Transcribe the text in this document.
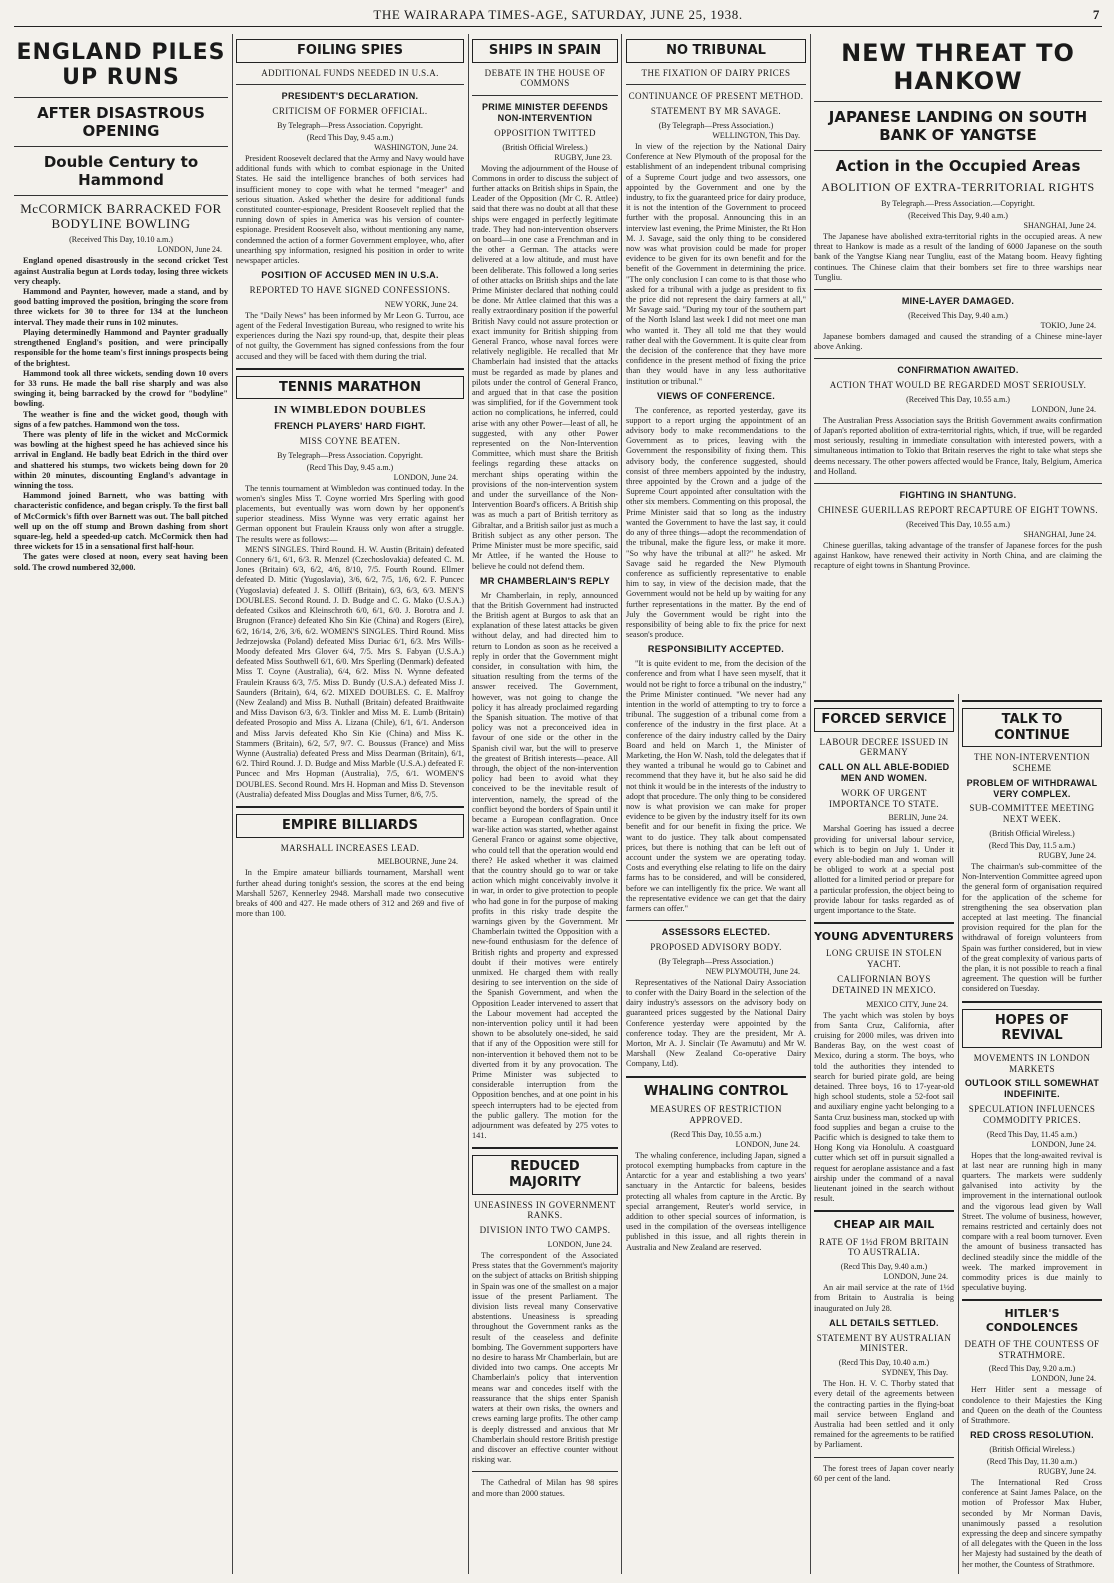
THE WAIRARAPA TIMES-AGE, SATURDAY, JUNE 25, 1938.	7
ENGLAND PILES UP RUNS
AFTER DISASTROUS OPENING
Double Century to Hammond
McCORMICK BARRACKED FOR BODYLINE BOWLING
(Received This Day, 10.10 a.m.)
LONDON, June 24.

England opened disastrously in the second cricket Test against Australia begun at Lords today, losing three wickets very cheaply.

Hammond and Paynter, however, made a stand, and by good batting improved the position, bringing the score from three wickets for 30 to three for 134 at the luncheon interval. They made their runs in 102 minutes.

Playing determinedly Hammond and Paynter gradually strengthened England's position, and were principally responsible for the home team's first innings prospects being of the brightest.

Hammond took all three wickets, sending down 10 overs for 33 runs. He made the ball rise sharply and was also swinging it, being barracked by the crowd for "bodyline" bowling.

The weather is fine and the wicket good, though with signs of a few patches. Hammond won the toss.

There was plenty of life in the wicket and McCormick was bowling at the highest speed he has achieved since his arrival in England. He badly beat Edrich in the third over and shattered his stumps, two wickets being down for 20 within 20 minutes, discounting England's advantage in winning the toss.

Hammond joined Barnett, who was batting with characteristic confidence, and began crisply. To the first ball of McCormick's fifth over Barnett was out. The ball pitched well up on the off stump and Brown dashing from short square-leg, held a speeded-up catch. McCormick then had three wickets for 15 in a sensational first half-hour.

The gates were closed at noon, every seat having been sold. The crowd numbered 32,000.

SHIPS IN SPAIN
DEBATE IN THE HOUSE OF COMMONS
PRIME MINISTER DEFENDS NON-INTERVENTION
OPPOSITION TWITTED
(British Official Wireless.)
RUGBY, June 23.

Moving the adjournment of the House of Commons in order to discuss the subject of further attacks on British ships in Spain, the Leader of the Opposition (Mr C. R. Attlee) said that there was no doubt at all that these ships were engaged in perfectly legitimate trade. They had non-intervention observers on board—in one case a Frenchman and in the other a German. The attacks were delivered at a low altitude, and must have been deliberate. This followed a long series of other attacks on British ships and the late Prime Minister declared that nothing could be done. Mr Attlee claimed that this was a really extraordinary position if the powerful British Navy could not assure protection or exact immunity for British shipping from General Franco, whose naval forces were relatively negligible. He recalled that Mr Chamberlain had insisted that the attacks must be regarded as made by planes and pilots under the control of General Franco, and argued that in that case the position was simplified, for if the Government took action no complications, he inferred, could arise with any other Power—least of all, he suggested, with any other Power represented on the Non-Intervention Committee, which must share the British feelings regarding these attacks on merchant ships operating within the provisions of the non-intervention system and under the surveillance of the Non-Intervention Board's officers. A British ship was as much a part of British territory as Gibraltar, and a British sailor just as much a British subject as any other person. The Prime Minister must be more specific, said Mr Attlee, if he wanted the House to believe he could not defend them.

MR CHAMBERLAIN'S REPLY

Mr Chamberlain, in reply, announced that the British Government had instructed the British agent at Burgos to ask that an explanation of these latest attacks be given without delay, and had directed him to return to London as soon as he received a reply in order that the Government might consider, in consultation with him, the situation resulting from the terms of the answer received. The Government, however, was not going to change the policy it has already proclaimed regarding the Spanish situation. The motive of that policy was not a preconceived idea in favour of one side or the other in the Spanish civil war, but the will to preserve the greatest of British interests—peace. All through, the object of the non-intervention policy had been to avoid what they conceived to be the inevitable result of intervention, namely, the spread of the conflict beyond the borders of Spain until it became a European conflagration. Once war-like action was started, whether against General Franco or against some objective, who could tell that the operation would end there? He asked whether it was claimed that the country should go to war or take action which might conceivably involve it in war, in order to give protection to people who had gone in for the purpose of making profits in this risky trade despite the warnings given by the Government. Mr Chamberlain twitted the Opposition with a new-found enthusiasm for the defence of British rights and property and expressed doubt if their motives were entirely unmixed. He charged them with really desiring to see intervention on the side of the Spanish Government, and when the Opposition Leader intervened to assert that the Labour movement had accepted the non-intervention policy until it had been shown to be absolutely one-sided, he said that if any of the Opposition were still for non-intervention it behoved them not to be diverted from it by any provocation. The Prime Minister was subjected to considerable interruption from the Opposition benches, and at one point in his speech interrupters had to be ejected from the public gallery. The motion for the adjournment was defeated by 275 votes to 141.

REDUCED MAJORITY
UNEASINESS IN GOVERNMENT RANKS.
DIVISION INTO TWO CAMPS.
LONDON, June 24.

The correspondent of the Associated Press states that the Government's majority on the subject of attacks on British shipping in Spain was one of the smallest on a major issue of the present Parliament. The division lists reveal many Conservative abstentions. Uneasiness is spreading throughout the Government ranks as the result of the ceaseless and definite bombing. The Government supporters have no desire to harass Mr Chamberlain, but are divided into two camps. One accepts Mr Chamberlain's policy that intervention means war and concedes itself with the reassurance that the ships enter Spanish waters at their own risks, the owners and crews earning large profits. The other camp is deeply distressed and anxious that Mr Chamberlain should restore British prestige and discover an effective counter without risking war.

The Cathedral of Milan has 98 spires and more than 2000 statues.

NO TRIBUNAL
THE FIXATION OF DAIRY PRICES
CONTINUANCE OF PRESENT METHOD.
STATEMENT BY MR SAVAGE.
(By Telegraph—Press Association.)
WELLINGTON, This Day.

In view of the rejection by the National Dairy Conference at New Plymouth of the proposal for the establishment of an independent tribunal comprising of a Supreme Court judge and two assessors, one appointed by the Government and one by the industry, to fix the guaranteed price for dairy produce, it is not the intention of the Government to proceed further with the proposal. Announcing this in an interview last evening, the Prime Minister, the Rt Hon M. J. Savage, said the only thing to be considered now was what provision could be made for proper evidence to be given for its own benefit and for the benefit of the Government in determining the price. "The only conclusion I can come to is that those who asked for a tribunal with a judge as president to fix the price did not represent the dairy farmers at all," Mr Savage said. "During my tour of the southern part of the North Island last week I did not meet one man who wanted it. They all told me that they would rather deal with the Government. It is quite clear from the decision of the conference that they have more confidence in the present method of fixing the price than they would have in any less authoritative institution or tribunal."

VIEWS OF CONFERENCE.

The conference, as reported yesterday, gave its support to a report urging the appointment of an advisory body to make recommendations to the Government as to prices, leaving with the Government the responsibility of fixing them. This advisory body, the conference suggested, should consist of three members appointed by the industry, three appointed by the Crown and a judge of the Supreme Court appointed after consultation with the other six members. Commenting on this proposal, the Prime Minister said that so long as the industry wanted the Government to have the last say, it could do any of three things—adopt the recommendation of the tribunal, make the figure less, or make it more. "So why have the tribunal at all?" he asked. Mr Savage said he regarded the New Plymouth conference as sufficiently representative to enable him to say, in view of the decision made, that the Government would not be held up by waiting for any further representations in the matter. By the end of July the Government would be right into the responsibility of being able to fix the price for next season's produce.

RESPONSIBILITY ACCEPTED.

"It is quite evident to me, from the decision of the conference and from what I have seen myself, that it would not be right to force a tribunal on the industry," the Prime Minister continued. "We never had any intention in the world of attempting to try to force a tribunal. The suggestion of a tribunal come from a conference of the industry in the first place. At a conference of the dairy industry called by the Dairy Board and held on March 1, the Minister of Marketing, the Hon W. Nash, told the delegates that if they wanted a tribunal he would go to Cabinet and recommend that they have it, but he also said he did not think it would be in the interests of the industry to adopt that procedure. The only thing to be considered now is what provision we can make for proper evidence to be given by the industry itself for its own benefit and for our benefit in fixing the price. We want to do justice. They talk about compensated prices, but there is nothing that can be left out of account under the system we are operating today. Costs and everything else relating to life on the dairy farms has to be considered, and will be considered, before we can intelligently fix the price. We want all the representative evidence we can get that the dairy farmers can offer."

ASSESSORS ELECTED.
PROPOSED ADVISORY BODY.
(By Telegraph—Press Association.)
NEW PLYMOUTH, June 24.

Representatives of the National Dairy Association to confer with the Dairy Board in the selection of the dairy industry's assessors on the advisory body on guaranteed prices suggested by the National Dairy Conference yesterday were appointed by the conference today. They are the president, Mr A. Morton, Mr A. J. Sinclair (Te Awamutu) and Mr W. Marshall (New Zealand Co-operative Dairy Company, Ltd).

WHALING CONTROL
MEASURES OF RESTRICTION APPROVED.
(Recd This Day, 10.55 a.m.)
LONDON, June 24.

The whaling conference, including Japan, signed a protocol exempting humpbacks from capture in the Antarctic for a year and establishing a two years' sanctuary in the Antarctic for baleens, besides protecting all whales from capture in the Arctic. By special arrangement, Reuter's world service, in addition to other special sources of information, is used in the compilation of the overseas intelligence published in this issue, and all rights therein in Australia and New Zealand are reserved.

NEW THREAT TO HANKOW
JAPANESE LANDING ON SOUTH BANK OF YANGTSE
Action in the Occupied Areas
ABOLITION OF EXTRA-TERRITORIAL RIGHTS
By Telegraph.—Press Association.—Copyright.
(Received This Day, 9.40 a.m.)
SHANGHAI, June 24.

The Japanese have abolished extra-territorial rights in the occupied areas. A new threat to Hankow is made as a result of the landing of 6000 Japanese on the south bank of the Yangtse Kiang near Tungliu, east of the Matang boom. Heavy fighting continues. The Chinese claim that their bombers set fire to three warships near Tungliu.

MINE-LAYER DAMAGED.
(Received This Day, 9.40 a.m.)
TOKIO, June 24.

Japanese bombers damaged and caused the stranding of a Chinese mine-layer above Anking.

CONFIRMATION AWAITED.
ACTION THAT WOULD BE REGARDED MOST SERIOUSLY.
(Received This Day, 10.55 a.m.)
LONDON, June 24.

The Australian Press Association says the British Government awaits confirmation of Japan's reported abolition of extra-territorial rights, which, if true, will be regarded most seriously, resulting in immediate consultation with interested powers, with a simultaneous intimation to Tokio that Britain reserves the right to take what steps she deems necessary. The other powers affected would be France, Italy, Belgium, America and Holland.

FIGHTING IN SHANTUNG.
CHINESE GUERILLAS REPORT RECAPTURE OF EIGHT TOWNS.
(Received This Day, 10.55 a.m.)
SHANGHAI, June 24.

Chinese guerillas, taking advantage of the transfer of Japanese forces for the push against Hankow, have renewed their activity in North China, and are claiming the recapture of eight towns in Shantung Province.

FORCED SERVICE
LABOUR DECREE ISSUED IN GERMANY
CALL ON ALL ABLE-BODIED MEN AND WOMEN.
WORK OF URGENT IMPORTANCE TO STATE.
BERLIN, June 24.

Marshal Goering has issued a decree providing for universal labour service, which is to begin on July 1. Under it every able-bodied man and woman will be obliged to work at a special post allotted for a limited period or prepare for a particular profession, the object being to provide labour for tasks regarded as of urgent importance to the State.

YOUNG ADVENTURERS
LONG CRUISE IN STOLEN YACHT.
CALIFORNIAN BOYS DETAINED IN MEXICO.
MEXICO CITY, June 24.

The yacht which was stolen by boys from Santa Cruz, California, after cruising for 2000 miles, was driven into Banderas Bay, on the west coast of Mexico, during a storm. The boys, who told the authorities they intended to search for buried pirate gold, are being detained. Three boys, 16 to 17-year-old high school students, stole a 52-foot sail and auxiliary engine yacht belonging to a Santa Cruz business man, stocked up with food supplies and began a cruise to the Pacific which is designed to take them to Hong Kong via Honolulu. A coastguard cutter which set off in pursuit signalled a request for aeroplane assistance and a fast airship under the command of a naval lieutenant joined in the search without result.

CHEAP AIR MAIL
RATE OF 1½d FROM BRITAIN TO AUSTRALIA.
(Recd This Day, 9.40 a.m.)
LONDON, June 24.

An air mail service at the rate of 1½d from Britain to Australia is being inaugurated on July 28.

ALL DETAILS SETTLED.
STATEMENT BY AUSTRALIAN MINISTER.
(Recd This Day, 10.40 a.m.)
SYDNEY, This Day.

The Hon. H. V. C. Thorby stated that every detail of the agreements between the contracting parties in the flying-boat mail service between England and Australia had been settled and it only remained for the agreements to be ratified by Parliament.

The forest trees of Japan cover nearly 60 per cent of the land.

TALK TO CONTINUE
THE NON-INTERVENTION SCHEME
PROBLEM OF WITHDRAWAL VERY COMPLEX.
SUB-COMMITTEE MEETING NEXT WEEK.
(British Official Wireless.)
(Recd This Day, 11.5 a.m.)
RUGBY, June 24.

The chairman's sub-committee of the Non-Intervention Committee agreed upon the general form of organisation required for the application of the scheme for strengthening the sea observation plan accepted at last meeting. The financial provision required for the plan for the withdrawal of foreign volunteers from Spain was further considered, but in view of the great complexity of various parts of the plan, it is not possible to reach a final agreement. The question will be further considered on Tuesday.

HOPES OF REVIVAL
MOVEMENTS IN LONDON MARKETS
OUTLOOK STILL SOMEWHAT INDEFINITE.
SPECULATION INFLUENCES COMMODITY PRICES.
(Recd This Day, 11.45 a.m.)
LONDON, June 24.

Hopes that the long-awaited revival is at last near are running high in many quarters. The markets were suddenly galvanised into activity by the improvement in the international outlook and the vigorous lead given by Wall Street. The volume of business, however, remains restricted and certainly does not compare with a real boom turnover. Even the amount of business transacted has declined steadily since the middle of the week. The marked improvement in commodity prices is due mainly to speculative buying.

HITLER'S CONDOLENCES
DEATH OF THE COUNTESS OF STRATHMORE.
(Recd This Day, 9.20 a.m.)
LONDON, June 24.

Herr Hitler sent a message of condolence to their Majesties the King and Queen on the death of the Countess of Strathmore.

RED CROSS RESOLUTION.
(British Official Wireless.)
(Recd This Day, 11.30 a.m.)
RUGBY, June 24.

The International Red Cross conference at Saint James Palace, on the motion of Professor Max Huber, seconded by Mr Norman Davis, unanimously passed a resolution expressing the deep and sincere sympathy of all delegates with the Queen in the loss her Majesty had sustained by the death of her mother, the Countess of Strathmore.

FOILING SPIES
ADDITIONAL FUNDS NEEDED IN U.S.A.
PRESIDENT'S DECLARATION.
CRITICISM OF FORMER OFFICIAL.
By Telegraph—Press Association. Copyright.
(Recd This Day, 9.45 a.m.)
WASHINGTON, June 24.

President Roosevelt declared that the Army and Navy would have additional funds with which to combat espionage in the United States. He said the intelligence branches of both services had insufficient money to cope with what he termed "meager" and serious situation. Asked whether the desire for additional funds constituted counter-espionage, President Roosevelt replied that the running down of spies in America was his version of counter-espionage. President Roosevelt also, without mentioning any name, condemned the action of a former Government employee, who, after unearthing spy information, resigned his position in order to write newspaper articles.

POSITION OF ACCUSED MEN IN U.S.A.
REPORTED TO HAVE SIGNED CONFESSIONS.
NEW YORK, June 24.

The "Daily News" has been informed by Mr Leon G. Turrou, ace agent of the Federal Investigation Bureau, who resigned to write his experiences during the Nazi spy round-up, that, despite their pleas of not guilty, the Government has signed confessions from the four accused and they will be faced with them during the trial.

TENNIS MARATHON
IN WIMBLEDON DOUBLES
FRENCH PLAYERS' HARD FIGHT.
MISS COYNE BEATEN.
By Telegraph—Press Association. Copyright.
(Recd This Day, 9.45 a.m.)
LONDON, June 24.

The tennis tournament at Wimbledon was continued today. In the women's singles Miss T. Coyne worried Mrs Sperling with good placements, but eventually was worn down by her opponent's superior steadiness. Miss Wynne was very erratic against her German opponent but Fraulein Krauss only won after a struggle. The results were as follows:—

MEN'S SINGLES. Third Round. H. W. Austin (Britain) defeated Connery 6/1, 6/1, 6/3. R. Menzel (Czechoslovakia) defeated C. M. Jones (Britain) 6/3, 6/2, 4/6, 8/10, 7/5. Fourth Round. Ellmer defeated D. Mitic (Yugoslavia), 3/6, 6/2, 7/5, 1/6, 6/2. F. Puncec (Yugoslavia) defeated J. S. Olliff (Britain), 6/3, 6/3, 6/3. MEN'S DOUBLES. Second Round. J. D. Budge and C. G. Mako (U.S.A.) defeated Csikos and Kleinschroth 6/0, 6/1, 6/0. J. Borotra and J. Brugnon (France) defeated Kho Sin Kie (China) and Rogers (Eire), 6/2, 16/14, 2/6, 3/6, 6/2. WOMEN'S SINGLES. Third Round. Miss Jedrzejowska (Poland) defeated Miss Duriac 6/1, 6/3. Mrs Wills-Moody defeated Mrs Glover 6/4, 7/5. Mrs S. Fabyan (U.S.A.) defeated Miss Southwell 6/1, 6/0. Mrs Sperling (Denmark) defeated Miss T. Coyne (Australia), 6/4, 6/2. Miss N. Wynne defeated Fraulein Krauss 6/3, 7/5. Miss D. Bundy (U.S.A.) defeated Miss J. Saunders (Britain), 6/4, 6/2. MIXED DOUBLES. C. E. Malfroy (New Zealand) and Miss B. Nuthall (Britain) defeated Braithwaite and Miss Davison 6/3, 6/3. Tinkler and Miss M. E. Lumb (Britain) defeated Prosopio and Miss A. Lizana (Chile), 6/1, 6/1. Anderson and Miss Jarvis defeated Kho Sin Kie (China) and Miss K. Stammers (Britain), 6/2, 5/7, 9/7. C. Boussus (France) and Miss Wynne (Australia) defeated Press and Miss Dearman (Britain), 6/1, 6/2. Third Round. J. D. Budge and Miss Marble (U.S.A.) defeated F. Puncec and Mrs Hopman (Australia), 7/5, 6/1. WOMEN'S DOUBLES. Second Round. Mrs H. Hopman and Miss D. Stevenson (Australia) defeated Miss Douglas and Miss Turner, 8/6, 7/5.

EMPIRE BILLIARDS
MARSHALL INCREASES LEAD.
MELBOURNE, June 24.

In the Empire amateur billiards tournament, Marshall went further ahead during tonight's session, the scores at the end being Marshall 5267, Kennerley 2948. Marshall made two consecutive breaks of 400 and 427. He made others of 312 and 269 and five of more than 100.
